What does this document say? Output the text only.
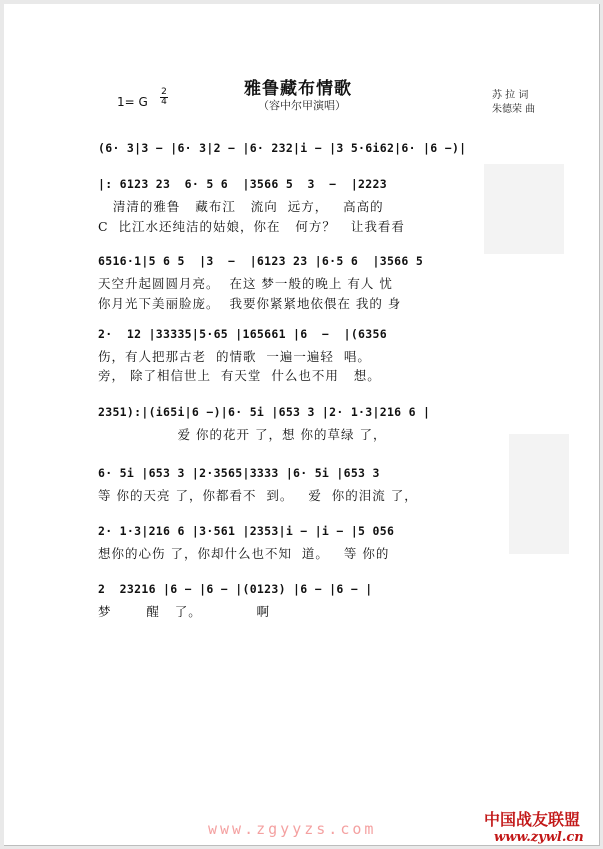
雅鲁藏布情歌
（容中尔甲演唱）
1= G
2
4
苏 拉 词
朱德荣 曲
(6· 3|3 − |6· 3|2 − |6· 232|i − |3 5·6i62|6· |6 −)|
|: 6123 23  6· 5 6  |3566 5  3  −  |2223
清清的雅鲁   藏布江   流向  远方，   高高的
C  比江水还纯洁的姑娘，你在   何方？   让我看看
6516·1|5 6 5  |3  −  |6123 23 |6·5 6  |3566 5
天空升起圆圆月亮。  在这 梦一般的晚上 有人 忧
你月光下美丽脸庞。  我要你紧紧地依偎在 我的 身
2·  12 |33335|5·65 |165661 |6  −  |(6356
伤，有人把那古老  的情歌  一遍一遍轻  唱。
旁， 除了相信世上  有天堂  什么也不用   想。
2351):|(i65i|6 −)|6· 5i |653 3 |2· 1·3|216 6 |
爱 你的花开 了，想 你的草绿 了，
6· 5i |653 3 |2·3565|3333 |6· 5i |653 3
等 你的天亮 了，你都看不  到。   爱  你的泪流 了，
2· 1·3|216 6 |3·561 |2353|i − |i − |5 056
想你的心伤 了，你却什么也不知  道。   等 你的
2  23216 |6 − |6 − |(0123) |6 − |6 − |
梦       醒   了。           啊
www.zgyyzs.com	中国战友联盟
www.zywl.cn
